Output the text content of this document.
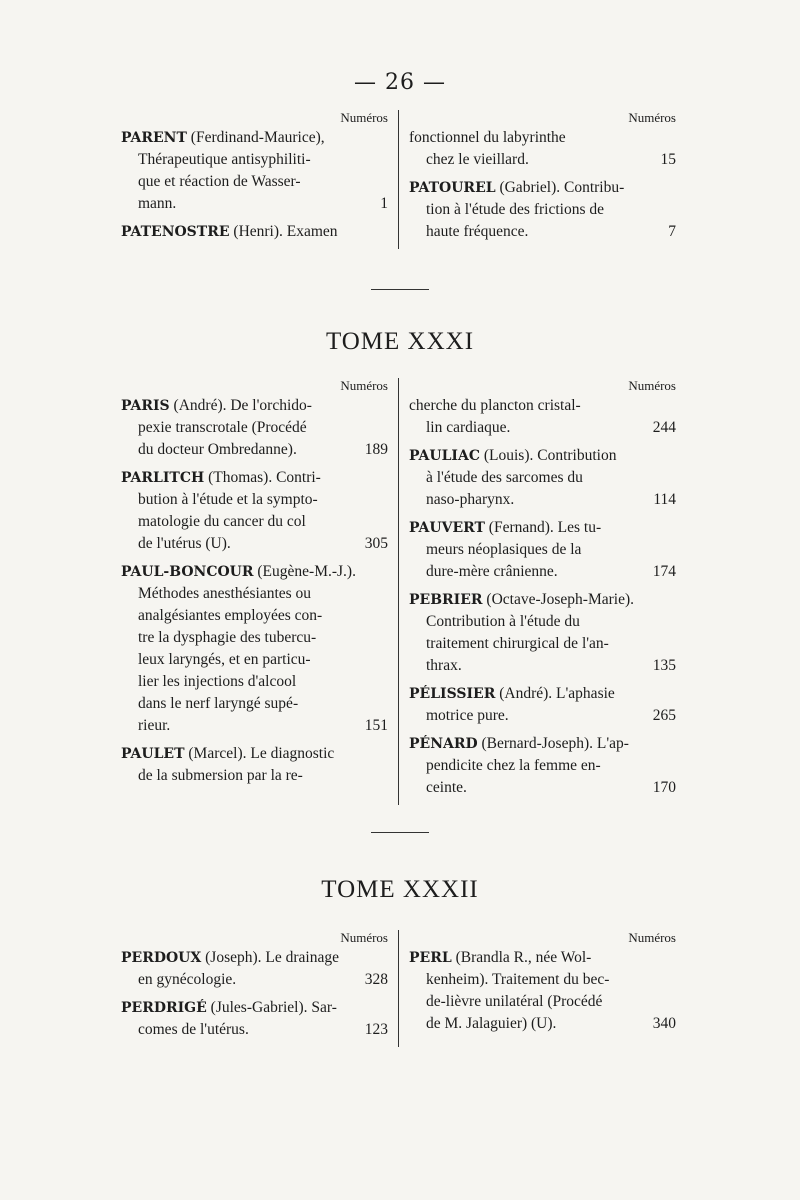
— 26 —
Numéros
PARENT (Ferdinand-Maurice),
Thérapeutique antisyphiliti-
que et réaction de Wasser-
mann.	1
PATENOSTRE (Henri). Examen
Numéros
fonctionnel du labyrinthe
chez le vieillard.	15
PATOUREL (Gabriel). Contribu-
tion à l'étude des frictions de
haute fréquence.	7
TOME XXXI
Numéros
PARIS (André). De l'orchido-
pexie transcrotale (Procédé
du docteur Ombredanne).	189
PARLITCH (Thomas). Contri-
bution à l'étude et la sympto-
matologie du cancer du col
de l'utérus (U).	305
PAUL-BONCOUR (Eugène-M.-J.).
Méthodes anesthésiantes ou
analgésiantes employées con-
tre la dysphagie des tubercu-
leux laryngés, et en particu-
lier les injections d'alcool
dans le nerf laryngé supé-
rieur.	151
PAULET (Marcel). Le diagnostic
de la submersion par la re-
Numéros
cherche du plancton cristal-
lin cardiaque.	244
PAULIAC (Louis). Contribution
à l'étude des sarcomes du
naso-pharynx.	114
PAUVERT (Fernand). Les tu-
meurs néoplasiques de la
dure-mère crânienne.	174
PEBRIER (Octave-Joseph-Marie).
Contribution à l'étude du
traitement chirurgical de l'an-
thrax.	135
PÉLISSIER (André). L'aphasie
motrice pure.	265
PÉNARD (Bernard-Joseph). L'ap-
pendicite chez la femme en-
ceinte.	170
TOME XXXII
Numéros
PERDOUX (Joseph). Le drainage
en gynécologie.	328
PERDRIGÉ (Jules-Gabriel). Sar-
comes de l'utérus.	123
Numéros
PERL (Brandla R., née Wol-
kenheim). Traitement du bec-
de-lièvre unilatéral (Procédé
de M. Jalaguier) (U).	340
